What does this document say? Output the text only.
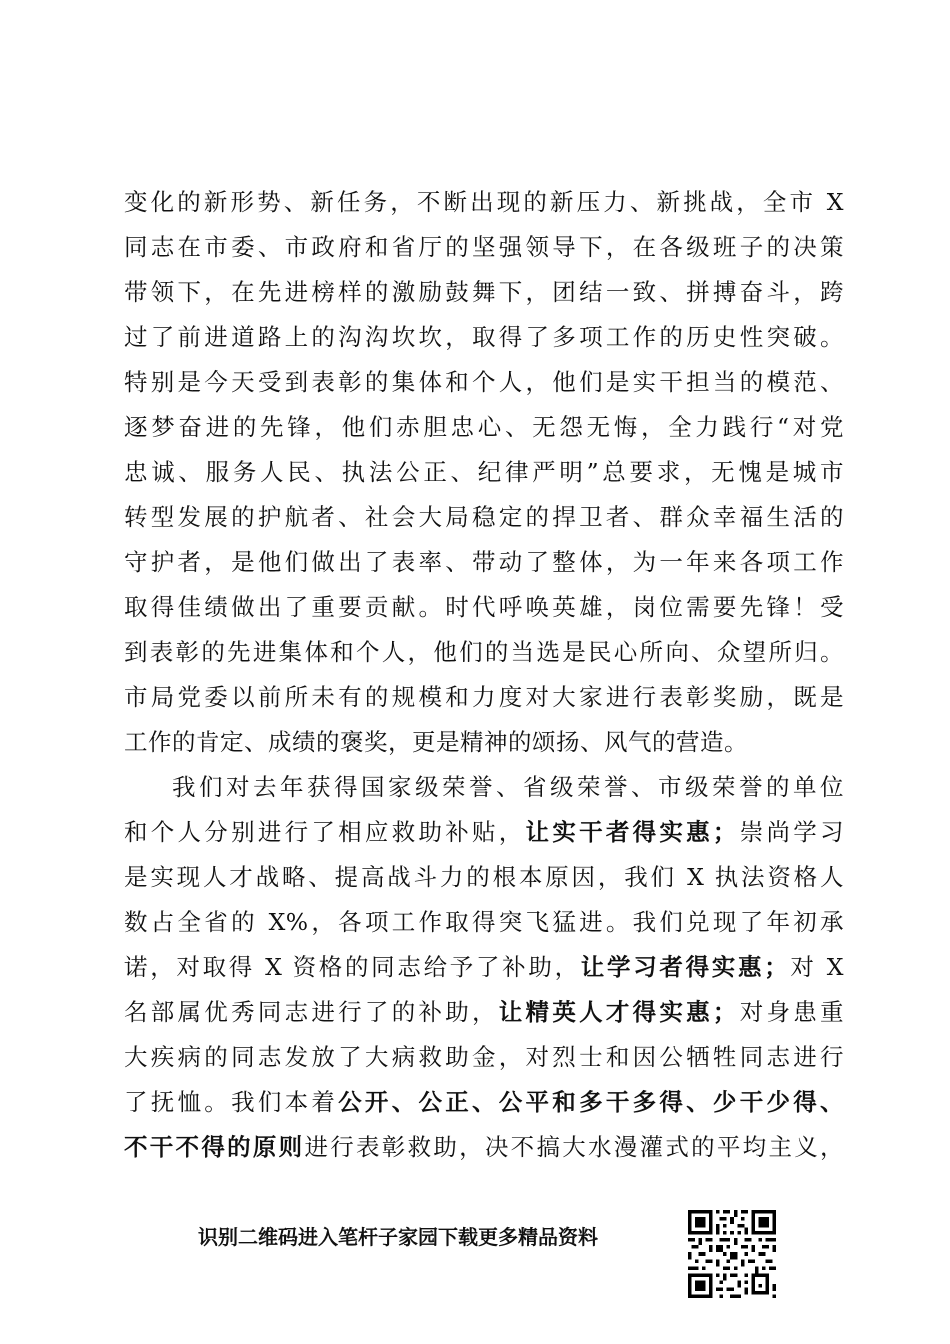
变化的新形势、新任务，不断出现的新压力、新挑战，全市 X
同志在市委、市政府和省厅的坚强领导下，在各级班子的决策
带领下，在先进榜样的激励鼓舞下，团结一致、拼搏奋斗，跨
过了前进道路上的沟沟坎坎，取得了多项工作的历史性突破。
特别是今天受到表彰的集体和个人，他们是实干担当的模范、
逐梦奋进的先锋，他们赤胆忠心、无怨无悔，全力践行“对党
忠诚、服务人民、执法公正、纪律严明”总要求，无愧是城市
转型发展的护航者、社会大局稳定的捍卫者、群众幸福生活的
守护者，是他们做出了表率、带动了整体，为一年来各项工作
取得佳绩做出了重要贡献。时代呼唤英雄，岗位需要先锋！受
到表彰的先进集体和个人，他们的当选是民心所向、众望所归。
市局党委以前所未有的规模和力度对大家进行表彰奖励，既是
工作的肯定、成绩的褒奖，更是精神的颂扬、风气的营造。
我们对去年获得国家级荣誉、省级荣誉、市级荣誉的单位
和个人分别进行了相应救助补贴，让实干者得实惠；崇尚学习
是实现人才战略、提高战斗力的根本原因，我们 X 执法资格人
数占全省的 X%，各项工作取得突飞猛进。我们兑现了年初承
诺，对取得 X 资格的同志给予了补助，让学习者得实惠；对 X
名部属优秀同志进行了的补助，让精英人才得实惠；对身患重
大疾病的同志发放了大病救助金，对烈士和因公牺牲同志进行
了抚恤。我们本着公开、公正、公平和多干多得、少干少得、
不干不得的原则进行表彰救助，决不搞大水漫灌式的平均主义，
识别二维码进入笔杆子家园下载更多精品资料
